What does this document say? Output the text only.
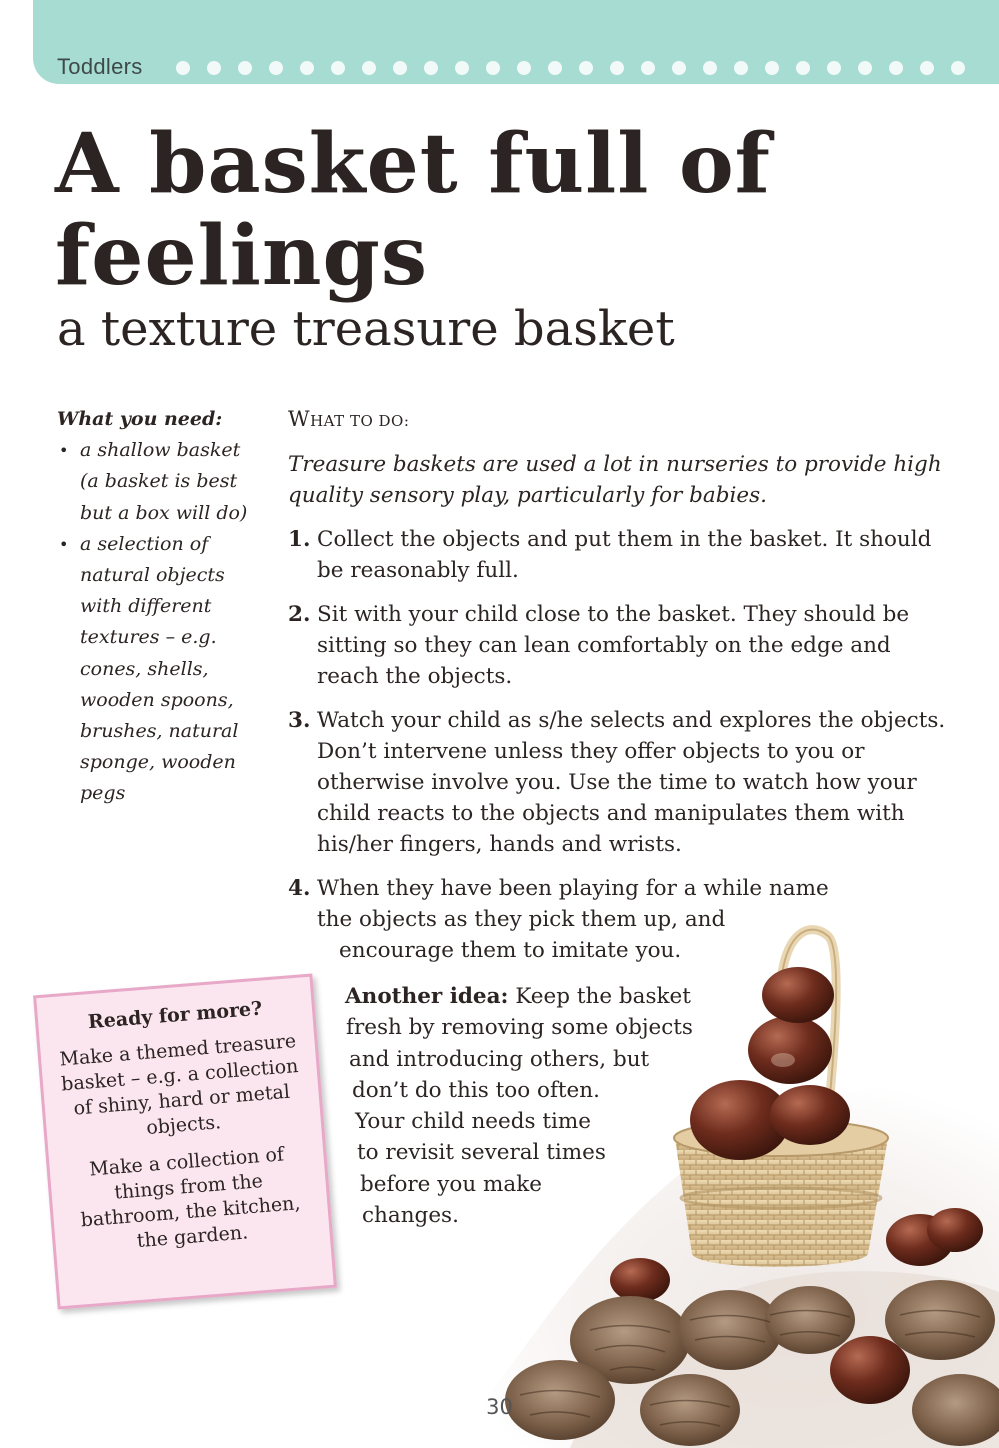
Toddlers
A basket full of feelings
a texture treasure basket
What you need:
• a shallow basket (a basket is best but a box will do)
• a selection of natural objects with different textures – e.g. cones, shells, wooden spoons, brushes, natural sponge, wooden pegs
WHAT TO DO:

Treasure baskets are used a lot in nurseries to provide high quality sensory play, particularly for babies.

1. Collect the objects and put them in the basket. It should be reasonably full.
2. Sit with your child close to the basket. They should be sitting so they can lean comfortably on the edge and reach the objects.
3. Watch your child as s/he selects and explores the objects. Don’t intervene unless they offer objects to you or otherwise involve you. Use the time to watch how your child reacts to the objects and manipulates them with his/her fingers, hands and wrists.
4. When they have been playing for a while name
the objects as they pick them up, and
encourage them to imitate you.
Another idea: Keep the basket
fresh by removing some objects
and introducing others, but
don’t do this too often.
Your child needs time
to revisit several times
before you make
changes.
Ready for more?

Make a themed treasure basket – e.g. a collection of shiny, hard or metal objects.

Make a collection of things from the bathroom, the kitchen, the garden.

30
